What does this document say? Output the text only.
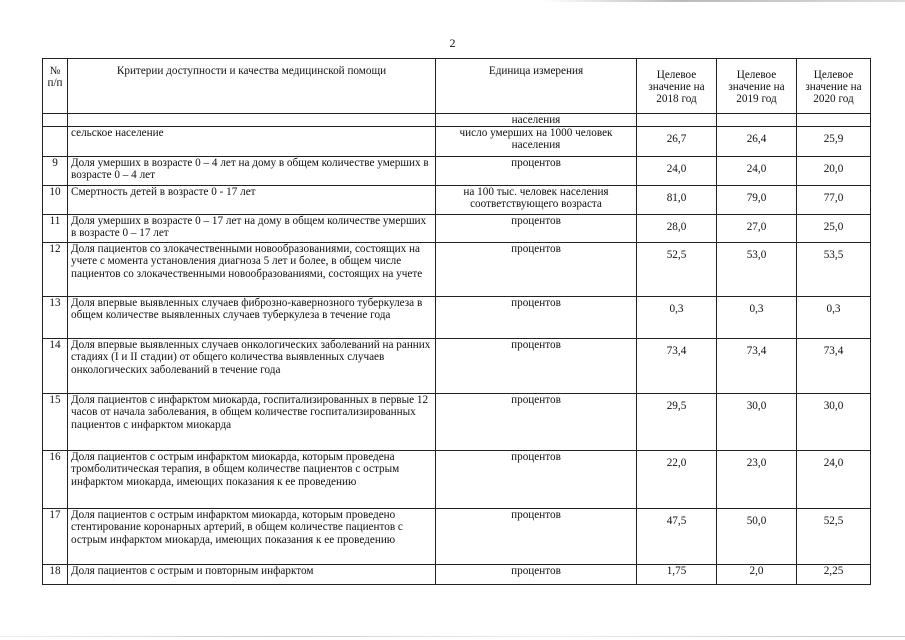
2
№ п/п	Критерии доступности и качества медицинской помощи	Единица измерения	Целевое значение на 2018 год	Целевое значение на 2019 год	Целевое значение на 2020 год
		населения			
	сельское население	число умерших на 1000 человек населения	26,7	26,4	25,9

9	Доля умерших в возрасте 0 – 4 лет на дому в общем количестве умерших в возрасте 0 – 4 лет	процентов	24,0	24,0	20,0

10	Смертность детей в возрасте 0 - 17 лет	на 100 тыс. человек населения соответствующего возраста	81,0	79,0	77,0

11	Доля умерших в возрасте 0 – 17 лет на дому в общем количестве умерших в возрасте 0 – 17 лет	процентов	28,0	27,0	25,0

12	Доля пациентов со злокачественными новообразованиями, состоящих на учете с момента установления диагноза 5 лет и более, в общем числе пациентов со злокачественными новообразованиями, состоящих на учете	процентов	52,5	53,0	53,5

13	Доля впервые выявленных случаев фиброзно-кавернозного туберкулеза в общем количестве выявленных случаев туберкулеза в течение года	процентов	0,3	0,3	0,3

14	Доля впервые выявленных случаев онкологических заболеваний на ранних стадиях (I и II стадии) от общего количества выявленных случаев онкологических заболеваний в течение года	процентов	73,4	73,4	73,4

15	Доля пациентов с инфарктом миокарда, госпитализированных в первые 12 часов от начала заболевания, в общем количестве госпитализированных пациентов с инфарктом миокарда	процентов	29,5	30,0	30,0

16	Доля пациентов с острым инфарктом миокарда, которым проведена тромболитическая терапия, в общем количестве пациентов с острым инфарктом миокарда, имеющих показания к ее проведению	процентов	22,0	23,0	24,0

17	Доля пациентов с острым инфарктом миокарда, которым проведено стентирование коронарных артерий, в общем количестве пациентов с острым инфарктом миокарда, имеющих показания к ее проведению	процентов	47,5	50,0	52,5

18	Доля пациентов с острым и повторным инфарктом	процентов	1,75	2,0	2,25
